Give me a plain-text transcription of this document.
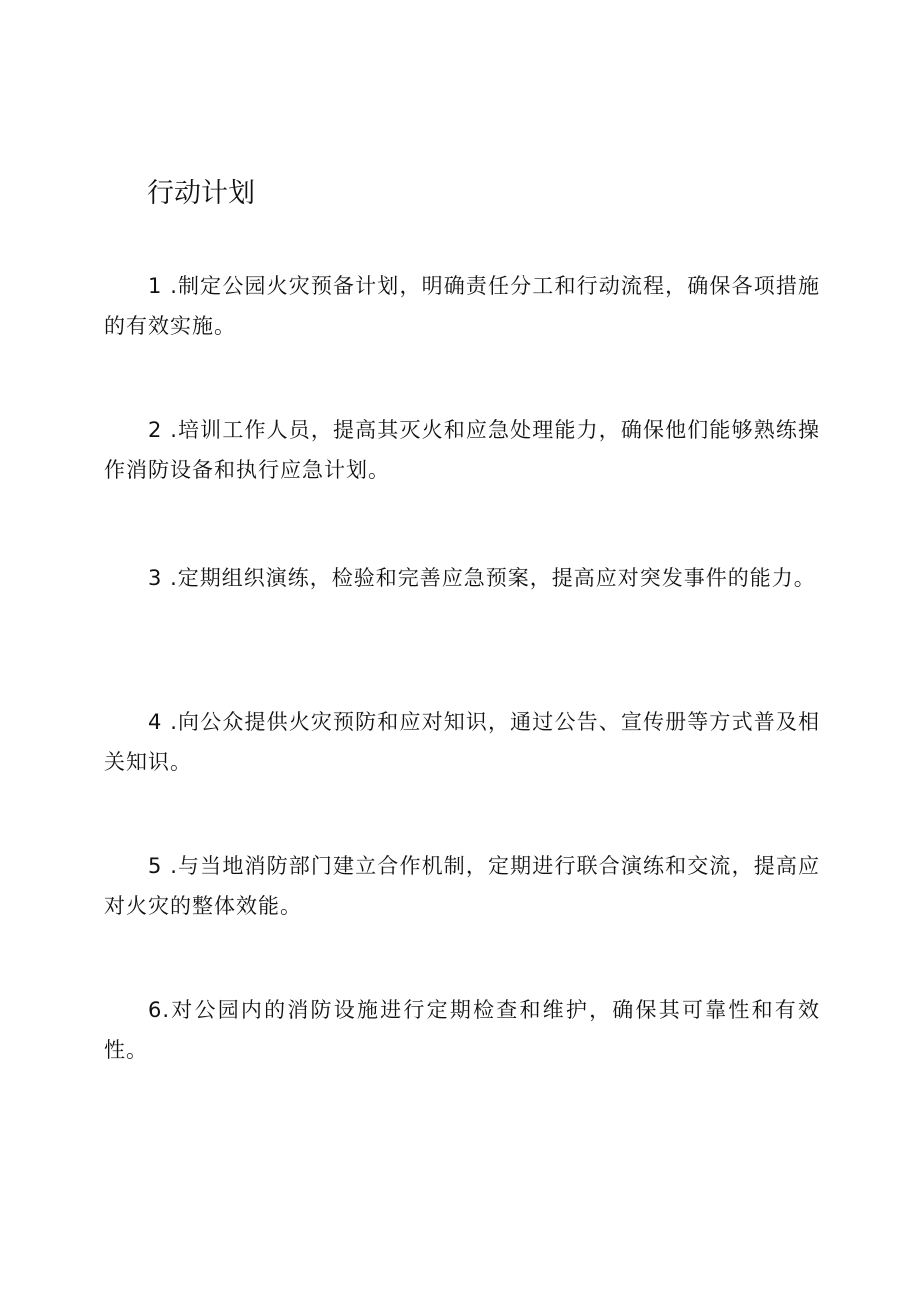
行动计划

1 .制定公园火灾预备计划，明确责任分工和行动流程，确保各项措施的有效实施。

2 .培训工作人员，提高其灭火和应急处理能力，确保他们能够熟练操作消防设备和执行应急计划。

3 .定期组织演练，检验和完善应急预案，提高应对突发事件的能力。

4 .向公众提供火灾预防和应对知识，通过公告、宣传册等方式普及相关知识。

5 .与当地消防部门建立合作机制，定期进行联合演练和交流，提高应对火灾的整体效能。

6.对公园内的消防设施进行定期检查和维护，确保其可靠性和有效性。
